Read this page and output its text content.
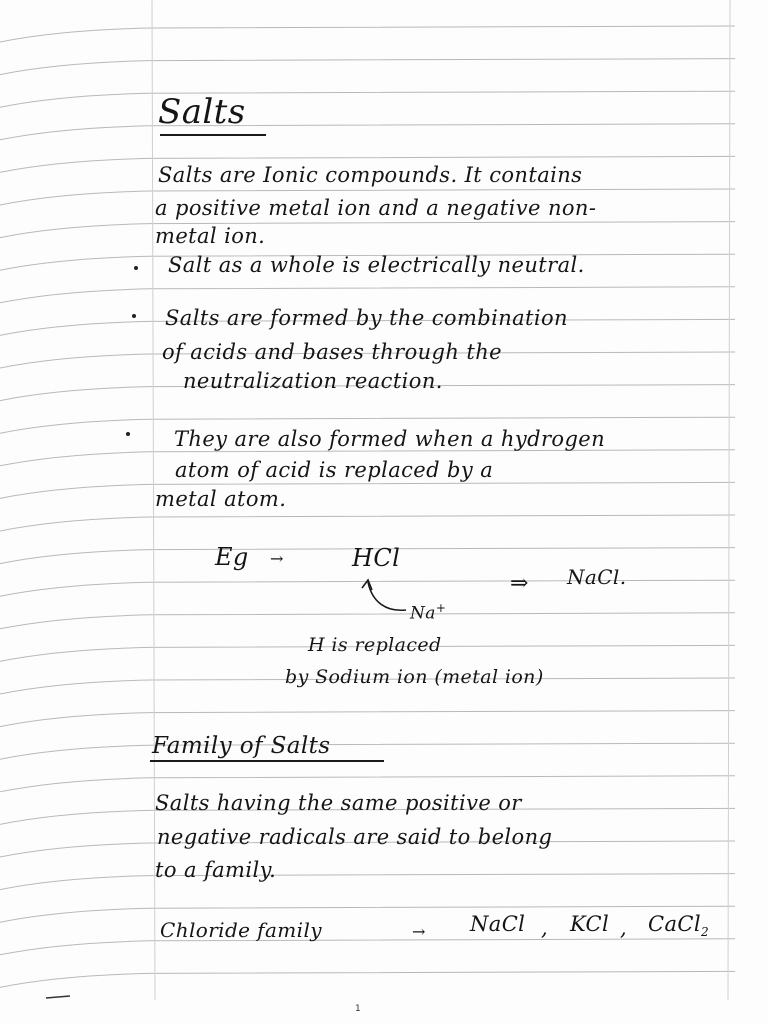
Salts
Salts are Ionic compounds. It contains
a positive metal ion and a negative non-
metal ion.
Salt as a whole is electrically neutral.
Salts are formed by the combination
of acids and bases through the
neutralization reaction.
They are also formed when a hydrogen
atom of acid is replaced by a
metal atom.
Eg →	HCl
⇒ NaCl.
Na+
H is replaced
by Sodium ion (metal ion)
Family of Salts
Salts having the same positive or
negative radicals are said to belong
to a family.
Chloride family	→ NaCl , KCl , CaCl$_2$
1
